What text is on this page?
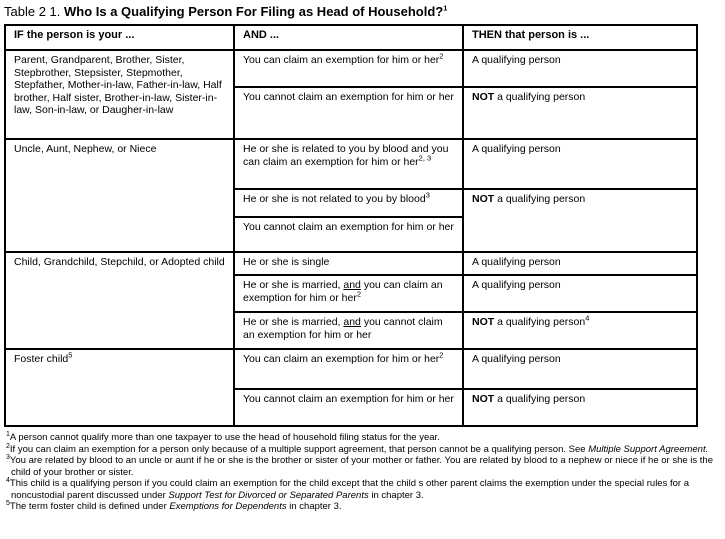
Table 2 1. Who Is a Qualifying Person For Filing as Head of Household?$^1$
IF the person is your ...	AND ...	THEN that person is ...
Parent, Grandparent, Brother, Sister, Stepbrother, Stepsister, Stepmother, Stepfather, Mother-in-law, Father-in-law, Half brother, Half sister, Brother-in-law, Sister-in-law, Son-in-law, or Daugher-in-law	You can claim an exemption for him or her$^2$	A qualifying person
	You cannot claim an exemption for him or her	NOT a qualifying person
Uncle, Aunt, Nephew, or Niece	He or she is related to you by blood and you can claim an exemption for him or her$^{2, 3}$	A qualifying person
	He or she is not related to you by blood$^3$	NOT a qualifying person
	You cannot claim an exemption for him or her	
Child, Grandchild, Stepchild, or Adopted child	He or she is single	A qualifying person
	He or she is married, and you can claim an exemption for him or her$^2$	A qualifying person
	He or she is married, and you cannot claim an exemption for him or her	NOT a qualifying person$^4$
Foster child$^5$	You can claim an exemption for him or her$^2$	A qualifying person
	You cannot claim an exemption for him or her	NOT a qualifying person
$^1$A person cannot qualify more than one taxpayer to use the head of household filing status for the year.
$^2$If you can claim an exemption for a person only because of a multiple support agreement, that person cannot be a qualifying person. See Multiple Support Agreement.
$^3$You are related by blood to an uncle or aunt if he or she is the brother or sister of your mother or father. You are related by blood to a nephew or niece if he or she is the child of your brother or sister.
$^4$This child is a qualifying person if you could claim an exemption for the child except that the child s other parent claims the exemption under the special rules for a noncustodial parent discussed under Support Test for Divorced or Separated Parents in chapter 3.
$^5$The term foster child is defined under Exemptions for Dependents in chapter 3.
